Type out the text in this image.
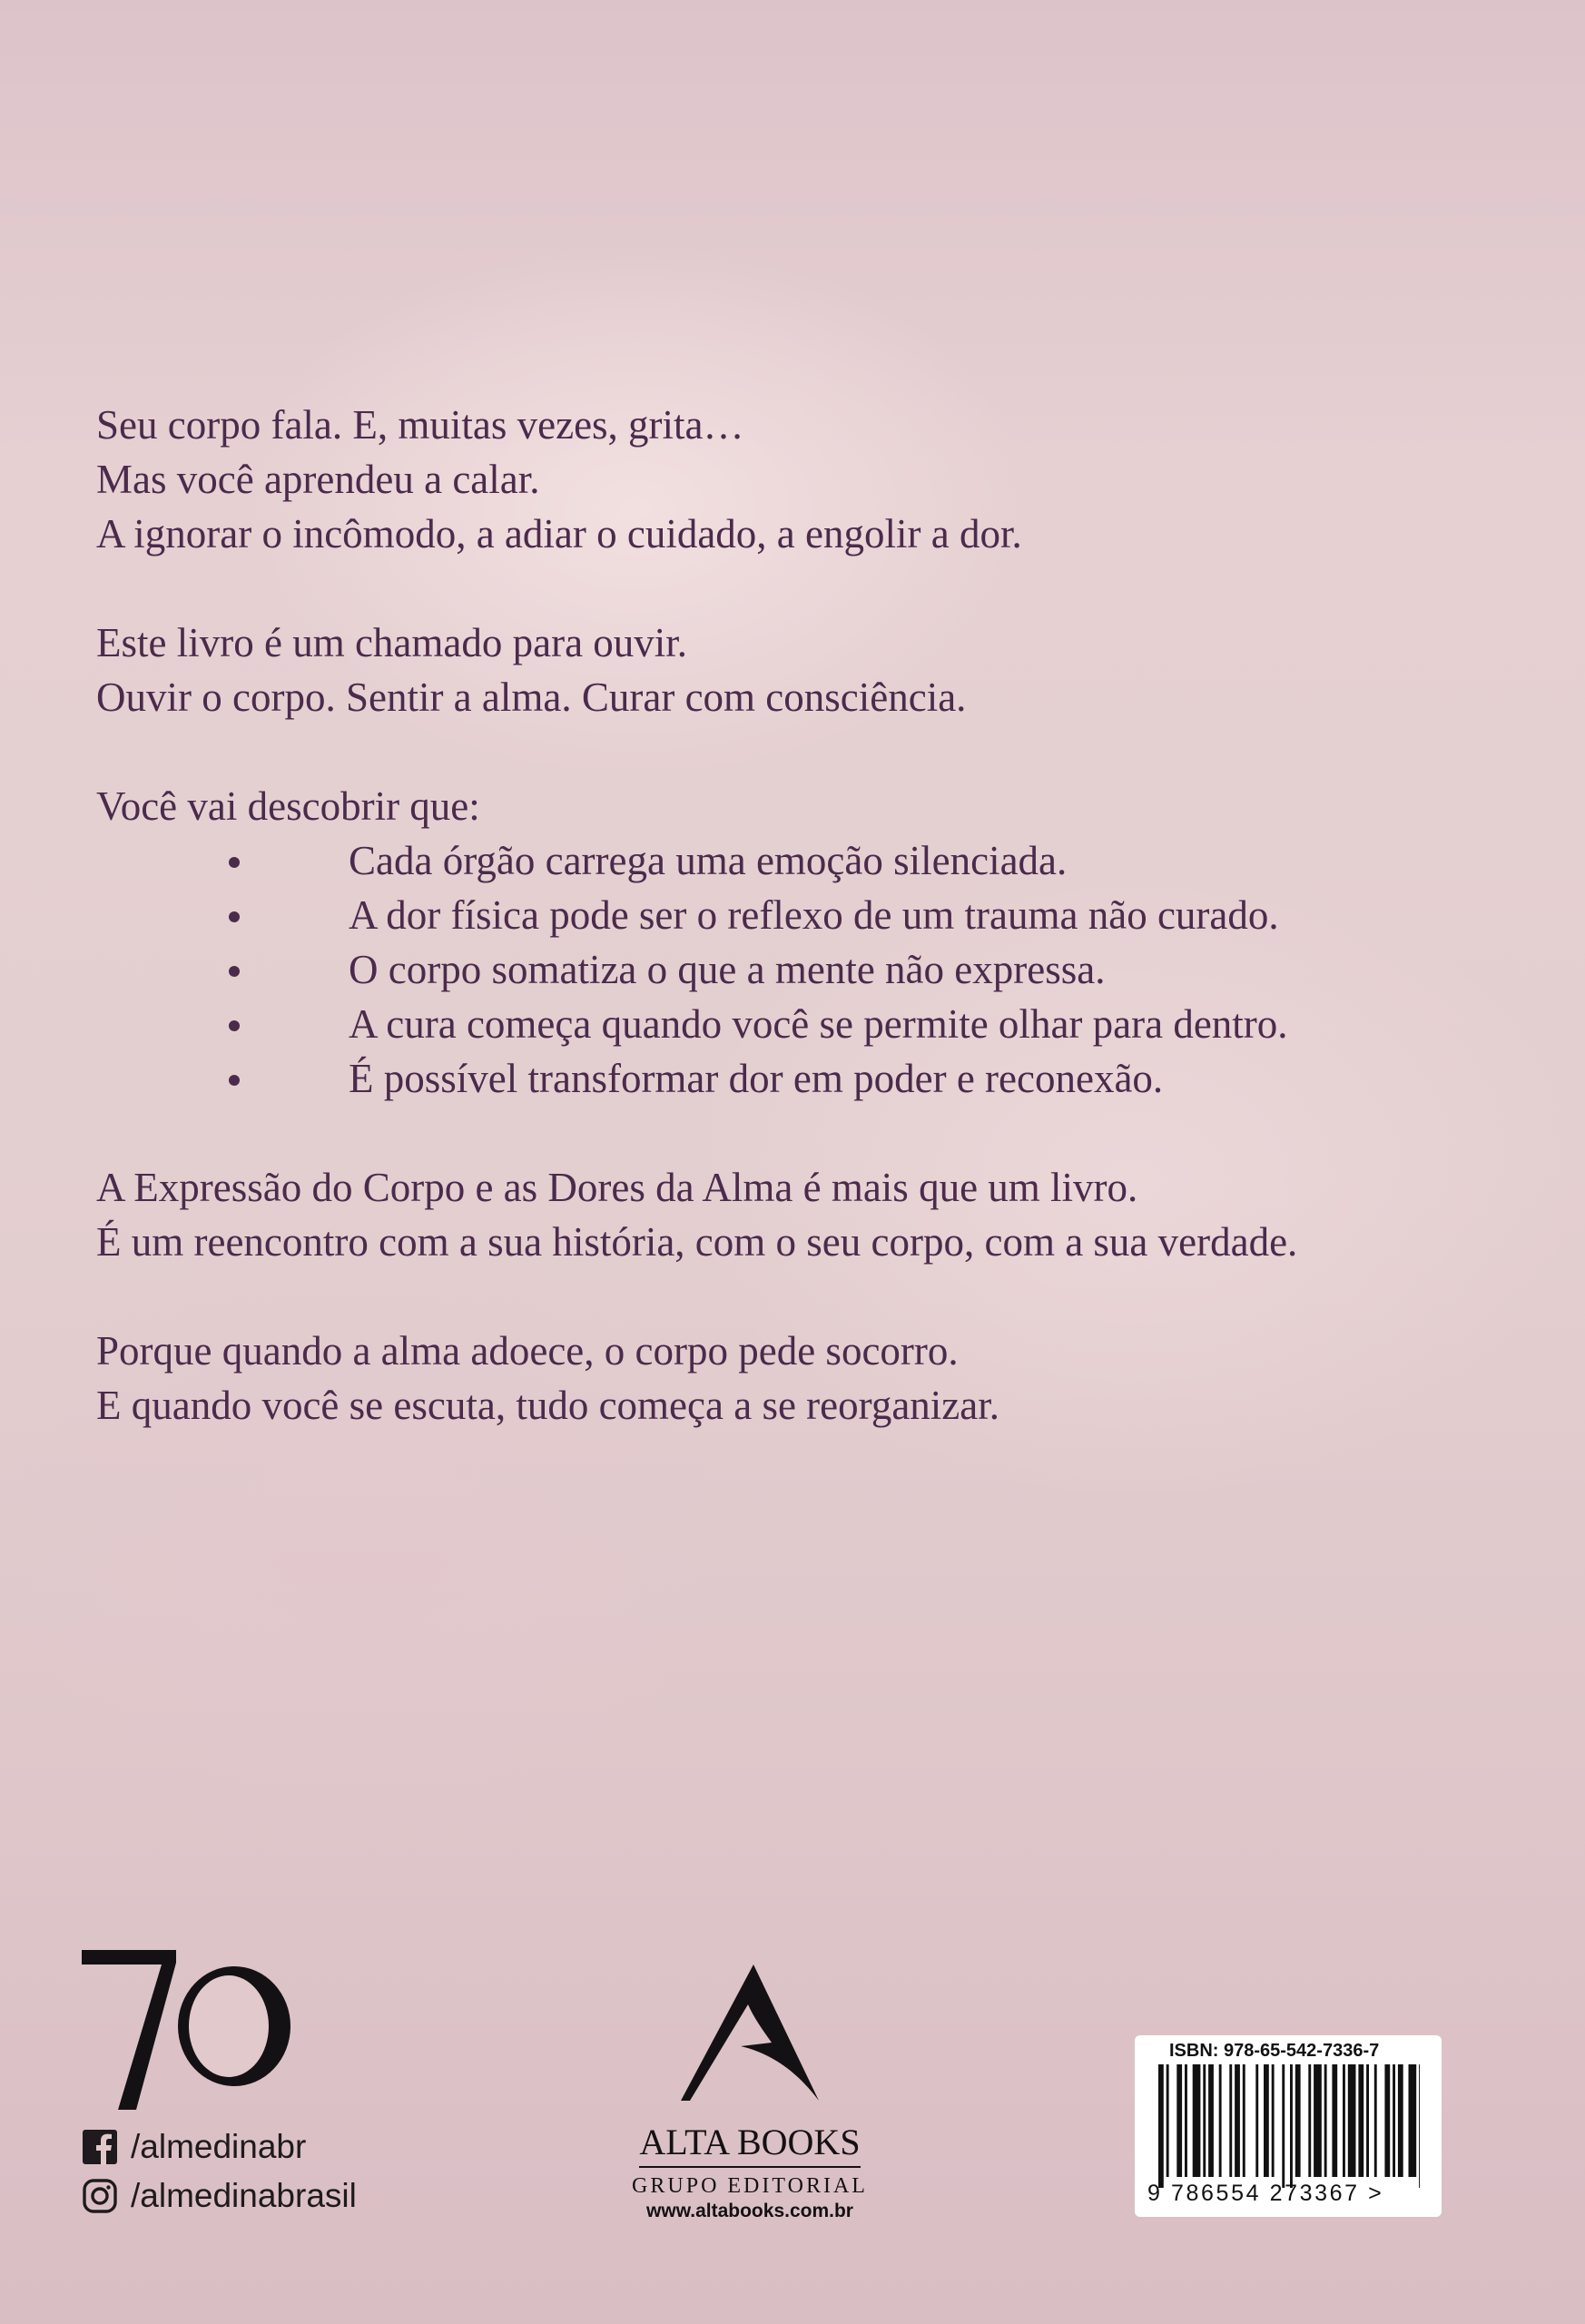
Seu corpo fala. E, muitas vezes, grita…
Mas você aprendeu a calar.
A ignorar o incômodo, a adiar o cuidado, a engolir a dor.

Este livro é um chamado para ouvir.
Ouvir o corpo. Sentir a alma. Curar com consciência.

Você vai descobrir que:
Cada órgão carrega uma emoção silenciada.
A dor física pode ser o reflexo de um trauma não curado.
O corpo somatiza o que a mente não expressa.
A cura começa quando você se permite olhar para dentro.
É possível transformar dor em poder e reconexão.

A Expressão do Corpo e as Dores da Alma é mais que um livro.
É um reencontro com a sua história, com o seu corpo, com a sua verdade.

Porque quando a alma adoece, o corpo pede socorro.
E quando você se escuta, tudo começa a se reorganizar.

/almedinabr
/almedinabrasil
ALTA BOOKS
GRUPO EDITORIAL
www.altabooks.com.br
ISBN: 978-65-542-7336-7
9 786554 273367 >
